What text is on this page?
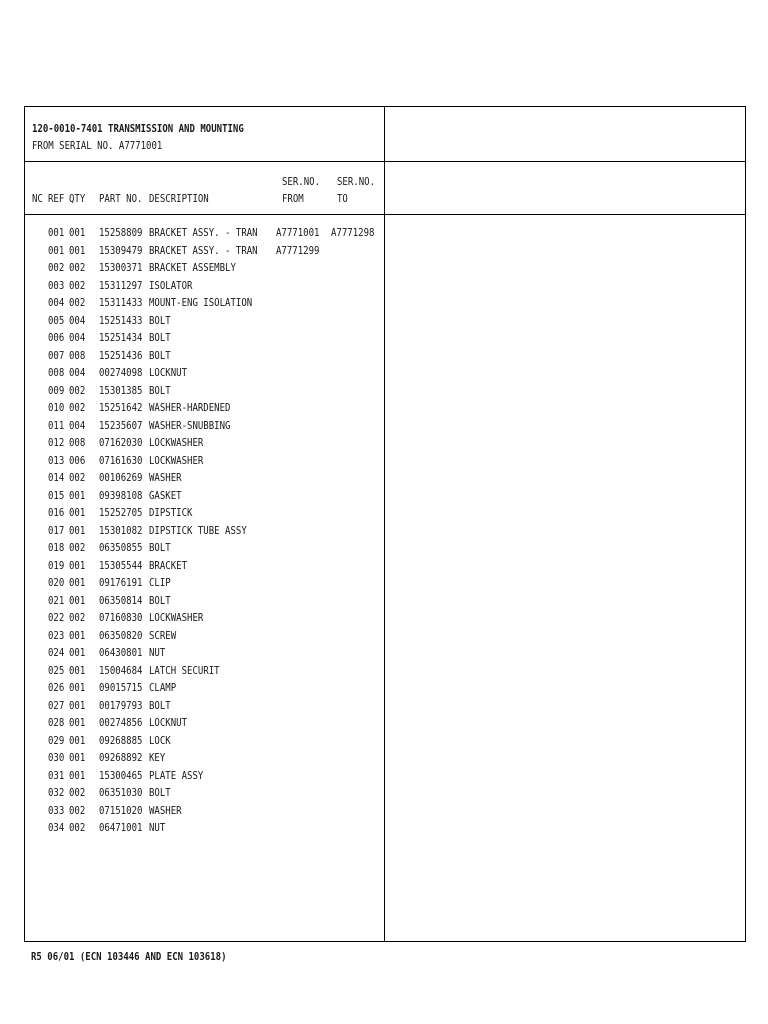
120-0010-7401 TRANSMISSION AND MOUNTING
FROM SERIAL NO. A7771001
SER.NO. SER.NO.
NC REF QTY PART NO. DESCRIPTION	FROM	TO
001 001 15258809 BRACKET ASSY. - TRAN A7771001 A7771298
001 001 15309479 BRACKET ASSY. - TRAN A7771299
002 002 15300371 BRACKET ASSEMBLY
003 002 15311297 ISOLATOR
004 002 15311433 MOUNT-ENG ISOLATION
005 004 15251433 BOLT
006 004 15251434 BOLT
007 008 15251436 BOLT
008 004 00274098 LOCKNUT
009 002 15301385 BOLT
010 002 15251642 WASHER-HARDENED
011 004 15235607 WASHER-SNUBBING
012 008 07162030 LOCKWASHER
013 006 07161630 LOCKWASHER
014 002 00106269 WASHER
015 001 09398108 GASKET
016 001 15252705 DIPSTICK
017 001 15301082 DIPSTICK TUBE ASSY
018 002 06350855 BOLT
019 001 15305544 BRACKET
020 001 09176191 CLIP
021 001 06350814 BOLT
022 002 07160830 LOCKWASHER
023 001 06350820 SCREW
024 001 06430801 NUT
025 001 15004684 LATCH SECURIT
026 001 09015715 CLAMP
027 001 00179793 BOLT
028 001 00274856 LOCKNUT
029 001 09268885 LOCK
030 001 09268892 KEY
031 001 15300465 PLATE ASSY
032 002 06351030 BOLT
033 002 07151020 WASHER
034 002 06471001 NUT
R5 06/01 (ECN 103446 AND ECN 103618)
